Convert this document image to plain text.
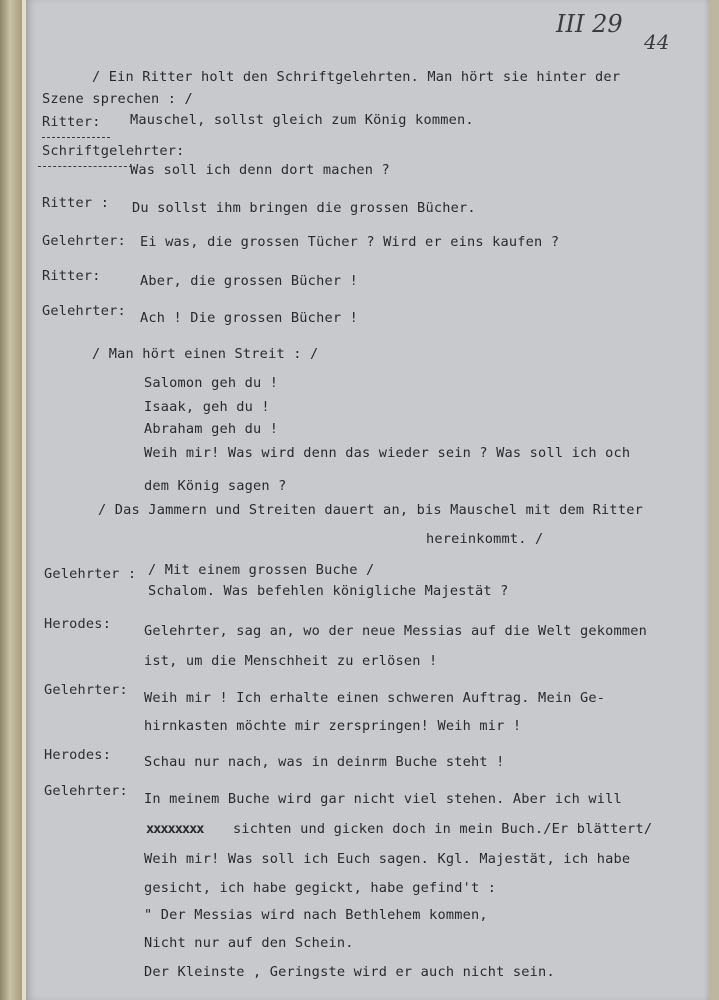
III 29
44
/ Ein Ritter holt den Schriftgelehrten. Man hört sie hinter der
Szene sprechen : /
Ritter: Mauschel, sollst gleich zum König kommen.
Schriftgelehrter:
Was soll ich denn dort machen ?
Ritter : Du sollst ihm bringen die grossen Bücher.
Gelehrter: Ei was, die grossen Tücher ? Wird er eins kaufen ?
Ritter:	Aber, die grossen Bücher !
Gelehrter: Ach ! Die grossen Bücher !
/ Man hört einen Streit : /
Salomon geh du !
Isaak, geh du !
Abraham geh du !
Weih mir! Was wird denn das wieder sein ? Was soll ich och
dem König sagen ?
/ Das Jammern und Streiten dauert an, bis Mauschel mit dem Ritter
hereinkommt. /
Gelehrter : / Mit einem grossen Buche /
Schalom. Was befehlen königliche Majestät ?
Herodes: Gelehrter, sag an, wo der neue Messias auf die Welt gekommen
ist, um die Menschheit zu erlösen !
Gelehrter: Weih mir ! Ich erhalte einen schweren Auftrag. Mein Ge-
hirnkasten möchte mir zerspringen! Weih mir !
Herodes: Schau nur nach, was in deinrm Buche steht !
Gelehrter: In meinem Buche wird gar nicht viel stehen. Aber ich will
xxxxxxxx sichten und gicken doch in mein Buch./Er blättert/
Weih mir! Was soll ich Euch sagen. Kgl. Majestät, ich habe
gesicht, ich habe gegickt, habe gefind't :
" Der Messias wird nach Bethlehem kommen,
Nicht nur auf den Schein.
Der Kleinste , Geringste wird er auch nicht sein.
